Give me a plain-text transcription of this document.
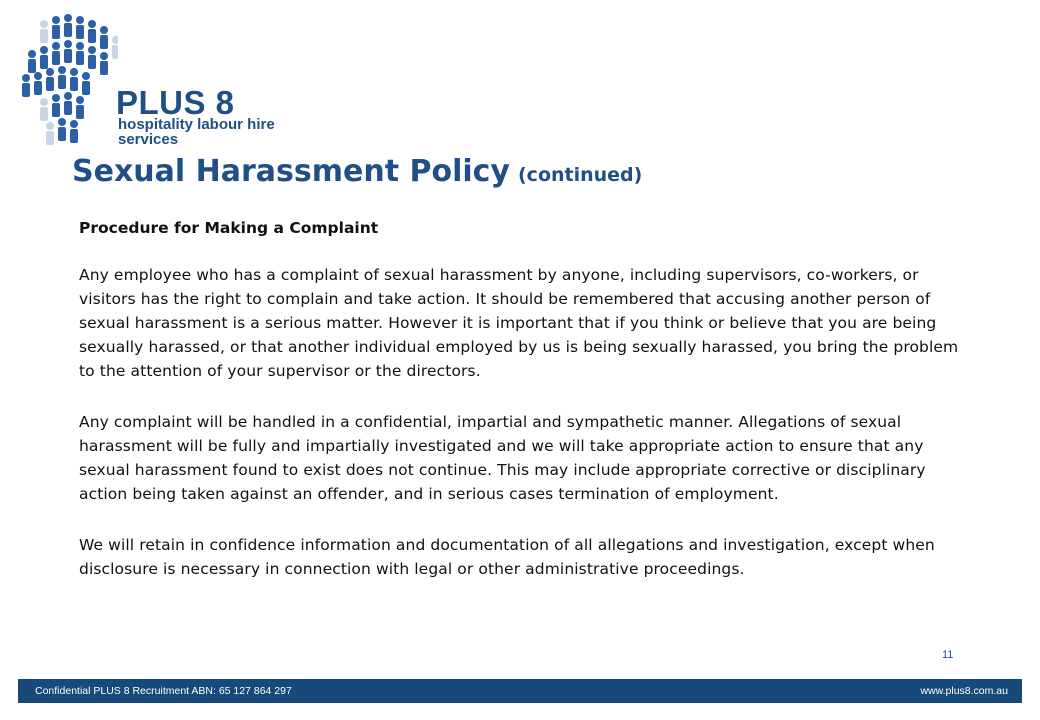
PLUS 8
hospitality labour hire services
Sexual Harassment Policy (continued)

Procedure for Making a Complaint

Any employee who has a complaint of sexual harassment by anyone, including supervisors, co-workers, or visitors has the right to complain and take action. It should be remembered that accusing another person of sexual harassment is a serious matter. However it is important that if you think or believe that you are being sexually harassed, or that another individual employed by us is being sexually harassed, you bring the problem to the attention of your supervisor or the directors.

Any complaint will be handled in a confidential, impartial and sympathetic manner. Allegations of sexual harassment will be fully and impartially investigated and we will take appropriate action to ensure that any sexual harassment found to exist does not continue. This may include appropriate corrective or disciplinary action being taken against an offender, and in serious cases termination of employment.

We will retain in confidence information and documentation of all allegations and investigation, except when disclosure is necessary in connection with legal or other administrative proceedings.

11
Confidential PLUS 8 Recruitment ABN: 65 127 864 297	www.plus8.com.au
